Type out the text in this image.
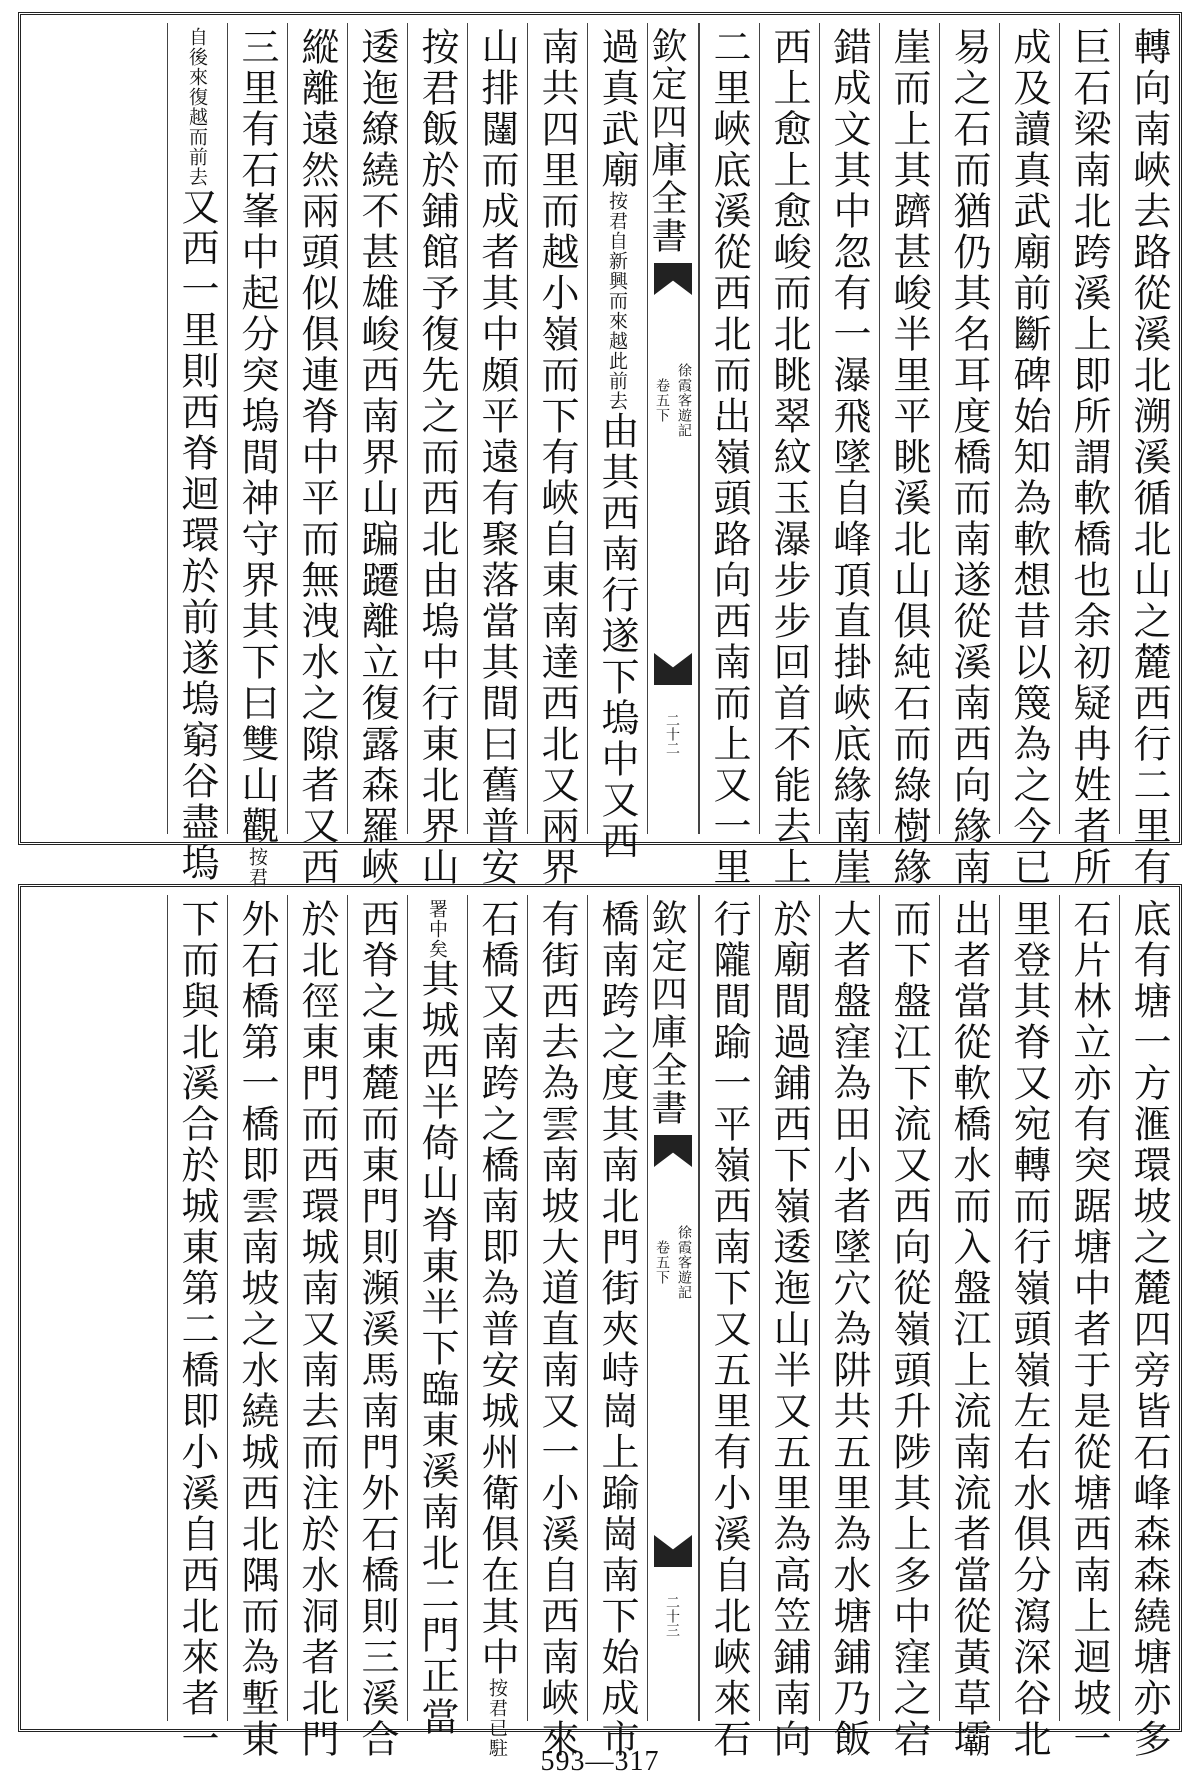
轉向南峽去路從溪北溯溪循北山之麓西行二里有
巨石梁南北跨溪上即所謂軟橋也余初疑冉姓者所
成及讀真武廟前斷碑始知為軟想昔以篾為之今已
易之石而猶仍其名耳度橋而南遂從溪南西向緣南
崖而上其躋甚峻半里平眺溪北山俱純石而綠樹緣
錯成文其中忽有一瀑飛墜自峰頂直掛峽底緣南崖
西上愈上愈峻而北眺翠紋玉瀑步步回首不能去上
二里峽底溪從西北而出嶺頭路向西南而上又一里
欽定四庫全書
徐霞客遊記
卷五下
二十二
過真武廟按君自新興而來越此前去由其西南行遂下塢中又西
南共四里而越小嶺而下有峽自東南達西北又兩界
山排闥而成者其中頗平遠有聚落當其間曰舊普安
按君飯於鋪館予復先之而西北由塢中行東北界山
逶迤繚繞不甚雄峻西南界山蹁躚離立復露森羅峽
縱離遠然兩頭似俱連脊中平而無洩水之隙者又西
三里有石峯中起分突塢間神守界其下曰雙山觀按君
自後來復越而前去又西一里則西脊迴環於前遂塢窮谷盡塢
底有塘一方滙環坡之麓四旁皆石峰森森繞塘亦多
石片林立亦有突踞塘中者于是從塘西南上迴坡一
里登其脊又宛轉而行嶺頭嶺左右水俱分瀉深谷北
出者當從軟橋水而入盤江上流南流者當從黃草壩
而下盤江下流又西向從嶺頭升陟其上多中窪之宕
大者盤窪為田小者墜穴為阱共五里為水塘鋪乃飯
於廟間過鋪西下嶺逶迤山半又五里為高笠鋪南向
行隴間踰一平嶺西南下又五里有小溪自北峽來石
欽定四庫全書
徐霞客遊記
卷五下
二十三
橋南跨之度其南北門街夾峙崗上踰崗南下始成市
有街西去為雲南坡大道直南又一小溪自西南峽來
石橋又南跨之橋南即為普安城州衛俱在其中按君已駐
署中矣其城西半倚山脊東半下臨東溪南北二門正當
西脊之東麓而東門則瀕溪馬南門外石橋則三溪合
於北徑東門而西環城南又南去而注於水洞者北門
外石橋第一橋即雲南坡之水繞城西北隅而為塹東
下而與北溪合於城東第二橋即小溪自西北來者一
593—317
